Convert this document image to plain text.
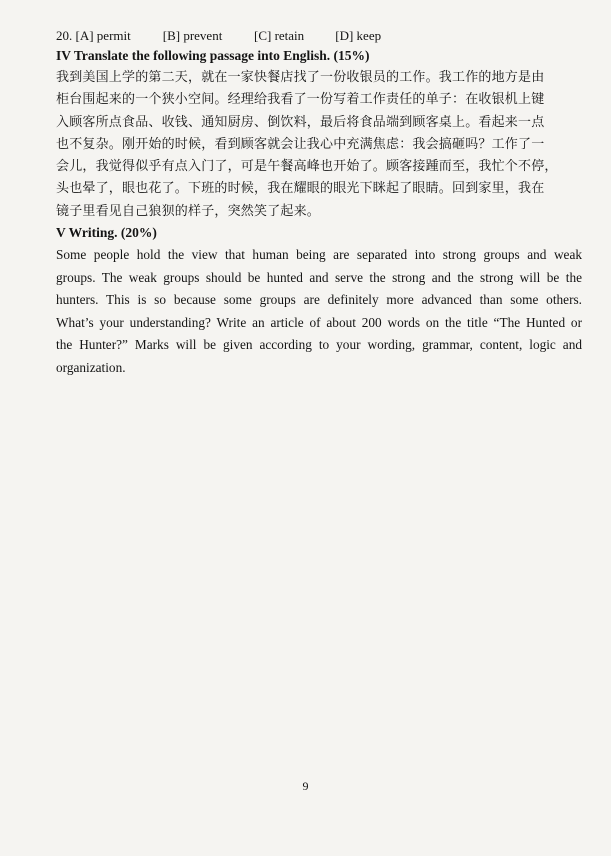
20. [A] permit [B] prevent [C] retain [D] keep
IV Translate the following passage into English. (15%)
我到美国上学的第二天，就在一家快餐店找了一份收银员的工作。我工作的地方是由
柜台围起来的一个狭小空间。经理给我看了一份写着工作责任的单子：在收银机上键
入顾客所点食品、收钱、通知厨房、倒饮料，最后将食品端到顾客桌上。看起来一点
也不复杂。刚开始的时候，看到顾客就会让我心中充满焦虑：我会搞砸吗？工作了一
会儿，我觉得似乎有点入门了，可是午餐高峰也开始了。顾客接踵而至，我忙个不停，
头也晕了，眼也花了。下班的时候，我在耀眼的眼光下眯起了眼睛。回到家里，我在
镜子里看见自己狼狈的样子，突然笑了起来。
V Writing. (20%)
Some people hold the view that human being are separated into strong groups and weak
groups. The weak groups should be hunted and serve the strong and the strong will be the
hunters. This is so because some groups are definitely more advanced than some others.
What’s your understanding? Write an article of about 200 words on the title “The Hunted or
the Hunter?” Marks will be given according to your wording, grammar, content, logic and
organization.
9
